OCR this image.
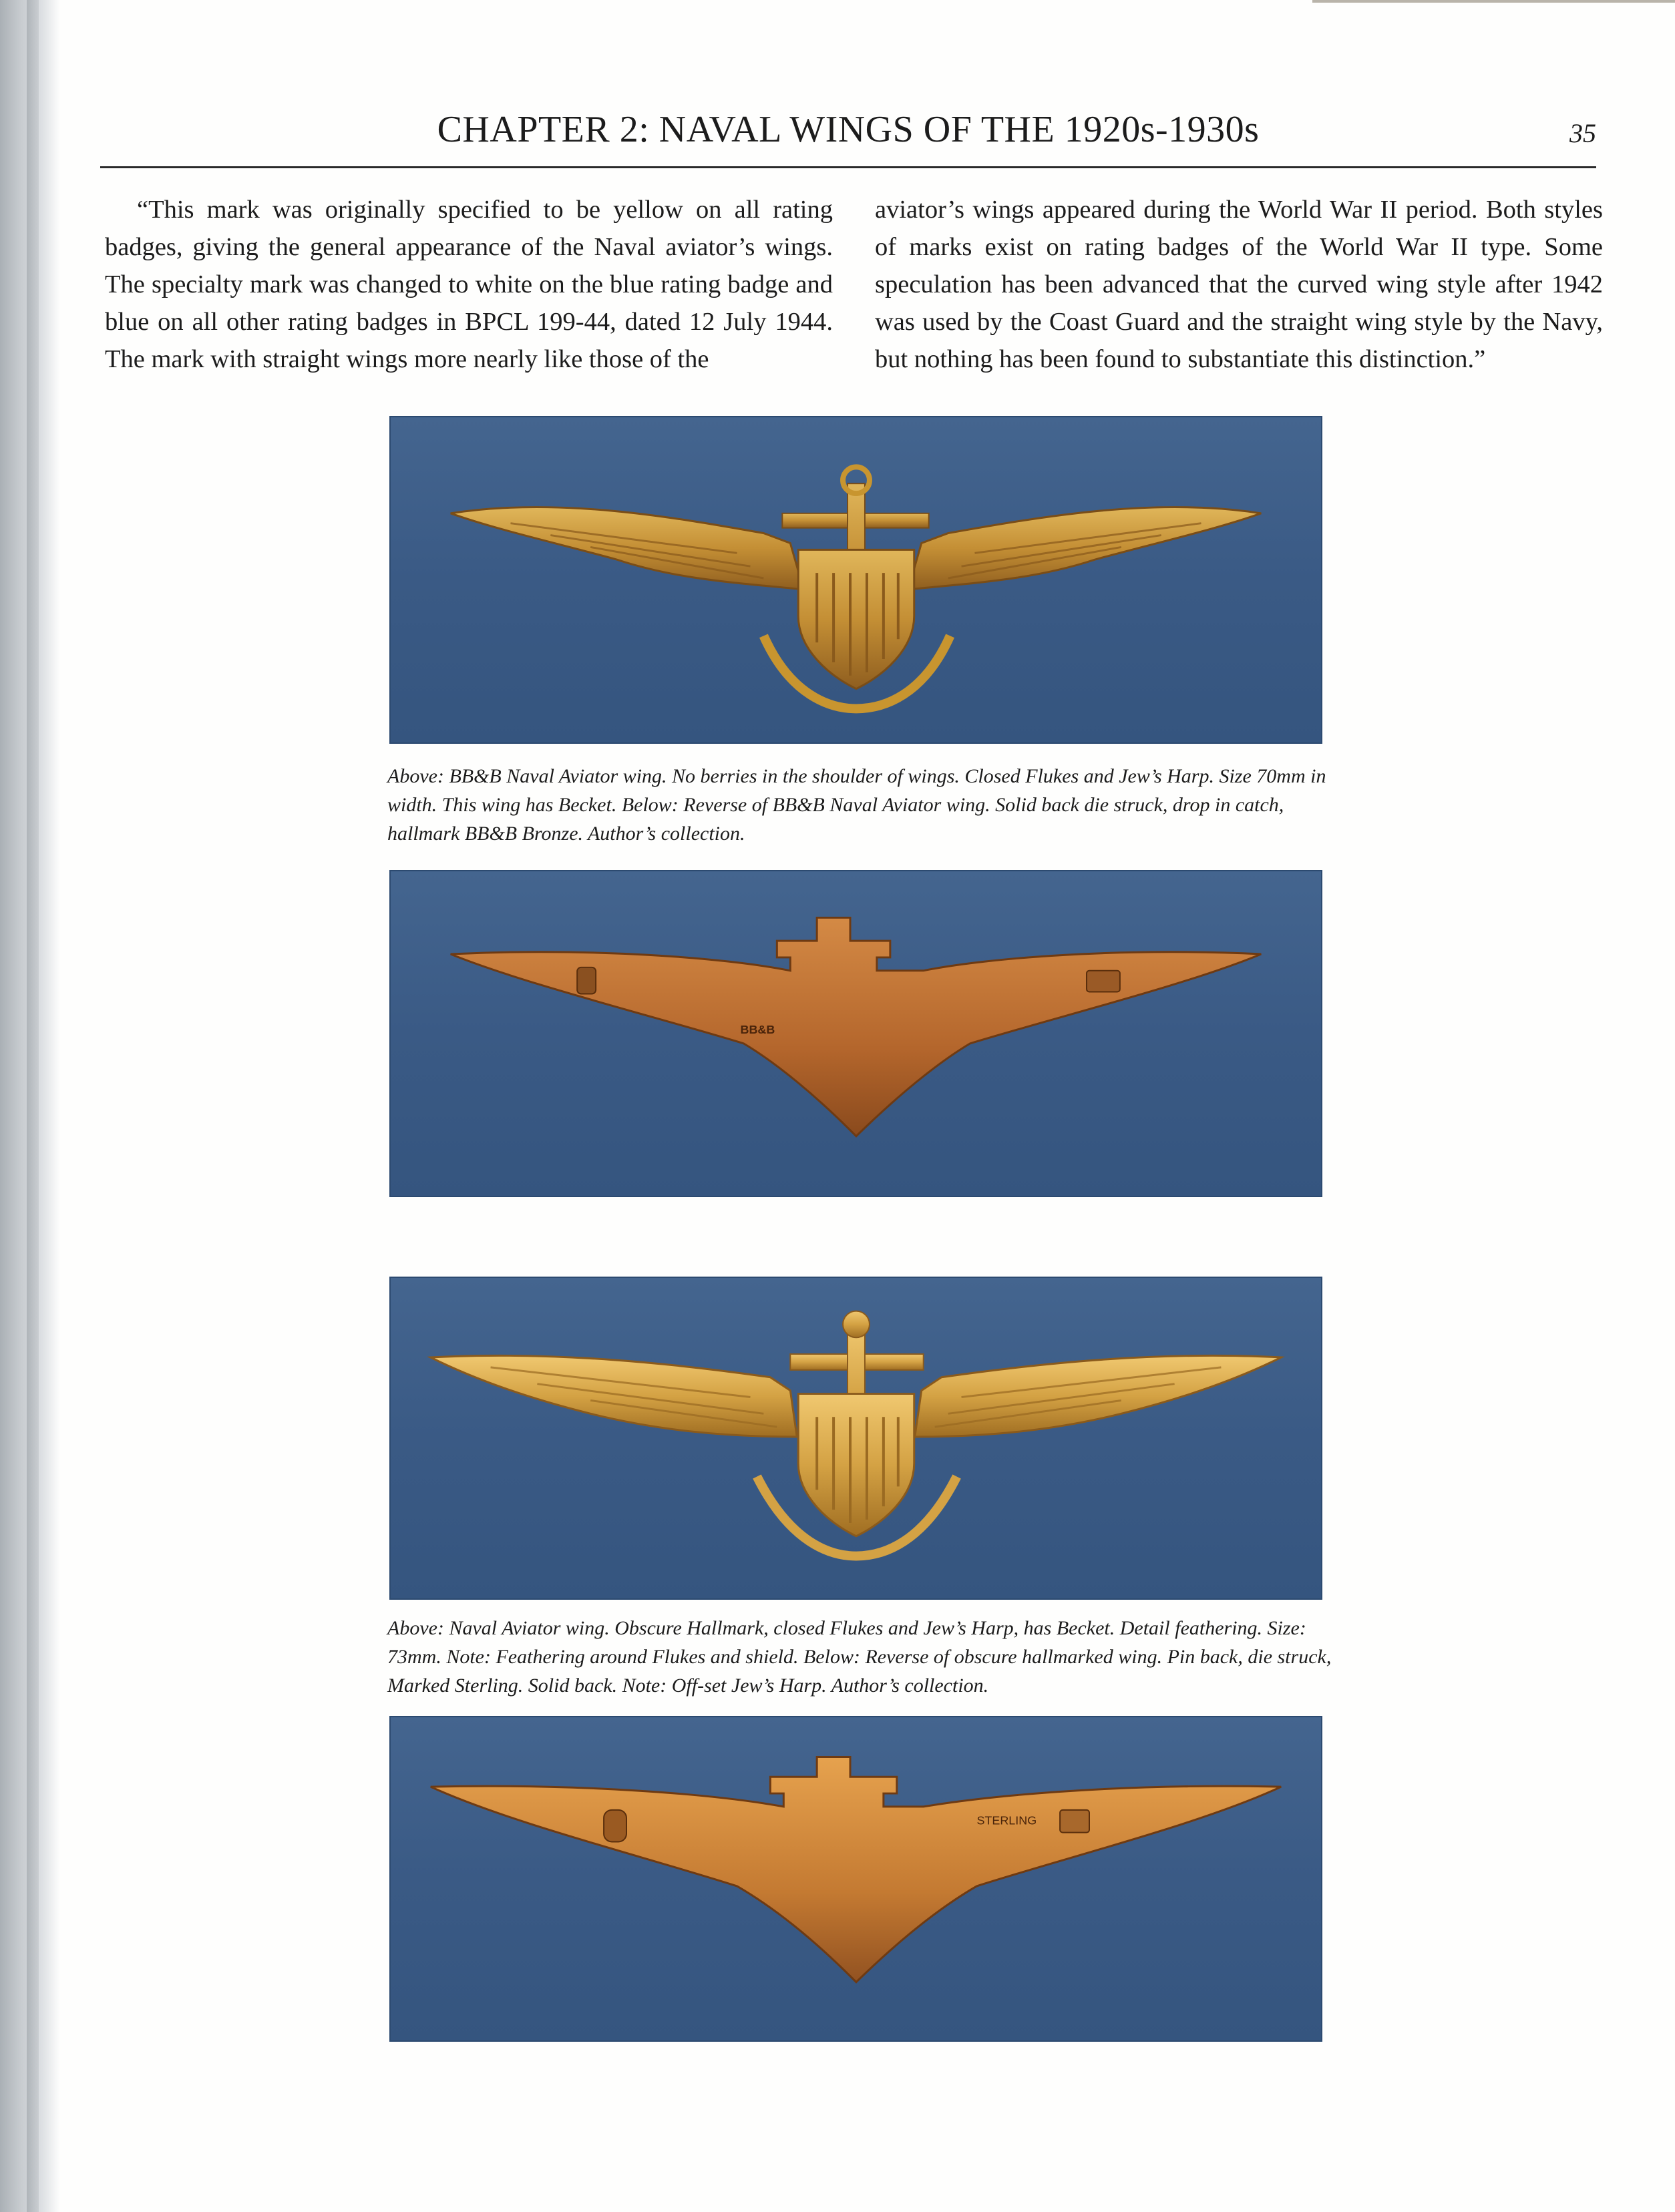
CHAPTER 2: NAVAL WINGS OF THE 1920s-1930s	35

“This mark was originally specified to be yellow on all rating badges, giving the general appearance of the Naval aviator’s wings. The specialty mark was changed to white on the blue rating badge and blue on all other rating badges in BPCL 199-44, dated 12 July 1944. The mark with straight wings more nearly like those of the

aviator’s wings appeared during the World War II period. Both styles of marks exist on rating badges of the World War II type. Some speculation has been advanced that the curved wing style after 1942 was used by the Coast Guard and the straight wing style by the Navy, but nothing has been found to substantiate this distinction.”

Above: BB&B Naval Aviator wing. No berries in the shoulder of wings. Closed Flukes and Jew’s Harp. Size 70mm in width. This wing has Becket. Below: Reverse of BB&B Naval Aviator wing. Solid back die struck, drop in catch, hallmark BB&B Bronze. Author’s collection.
BB&B
Above: Naval Aviator wing. Obscure Hallmark, closed Flukes and Jew’s Harp, has Becket. Detail feathering. Size: 73mm. Note: Feathering around Flukes and shield. Below: Reverse of obscure hallmarked wing. Pin back, die struck, Marked Sterling. Solid back. Note: Off-set Jew’s Harp. Author’s collection.
STERLING
